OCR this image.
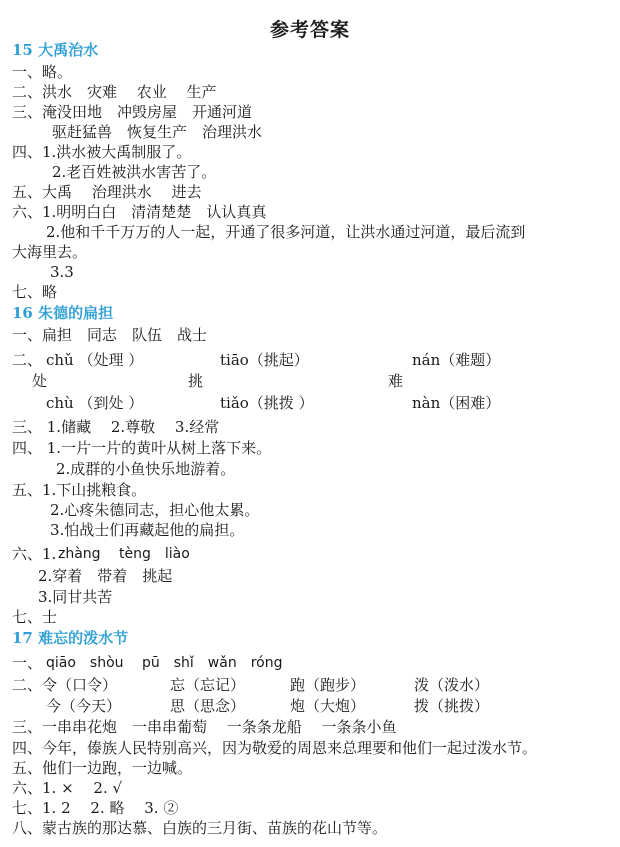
参考答案
15 大禹治水
一、略。
二、洪水　灾难　 农业　 生产
三、淹没田地　冲毁房屋　开通河道
驱赶猛兽　恢复生产　治理洪水
四、1.洪水被大禹制服了。
2.老百姓被洪水害苦了。
五、大禹　 治理洪水　 进去
六、1.明明白白　清清楚楚　认认真真
2.他和千千万万的人一起，开通了很多河道，让洪水通过河道，最后流到
大海里去。
3.3
七、略
16 朱德的扁担
一、扁担　同志　队伍　战士
二、 chǔ （处理 ）	tiāo（挑起）	nán（难题）
处	挑	难
chù （到处 ）	tiǎo（挑拨 ）	nàn（困难）
三、 1.储藏　 2.尊敬　 3.经常
四、 1.一片一片的黄叶从树上落下来。
2.成群的小鱼快乐地游着。
五、1.下山挑粮食。
2.心疼朱德同志，担心他太累。
3.怕战士们再藏起他的扁担。
六、1. zhàng　 tèng　liào
2.穿着　带着　挑起
3.同甘共苦
七、士
17 难忘的泼水节
一、 qiāo　shòu　 pū　shǐ　wǎn　róng
二、令（口令）	忘（忘记）	跑（跑步）	泼（泼水）
今（今天）	思（思念）	炮（大炮）	拨（挑拨）
三、一串串花炮　一串串葡萄　 一条条龙船　 一条条小鱼
四、今年，傣族人民特别高兴，因为敬爱的周恩来总理要和他们一起过泼水节。
五、他们一边跑，一边喊。
六、1. ×　 2. √
七、1. 2　 2. 略　 3. ②
八、蒙古族的那达慕、白族的三月街、苗族的花山节等。
